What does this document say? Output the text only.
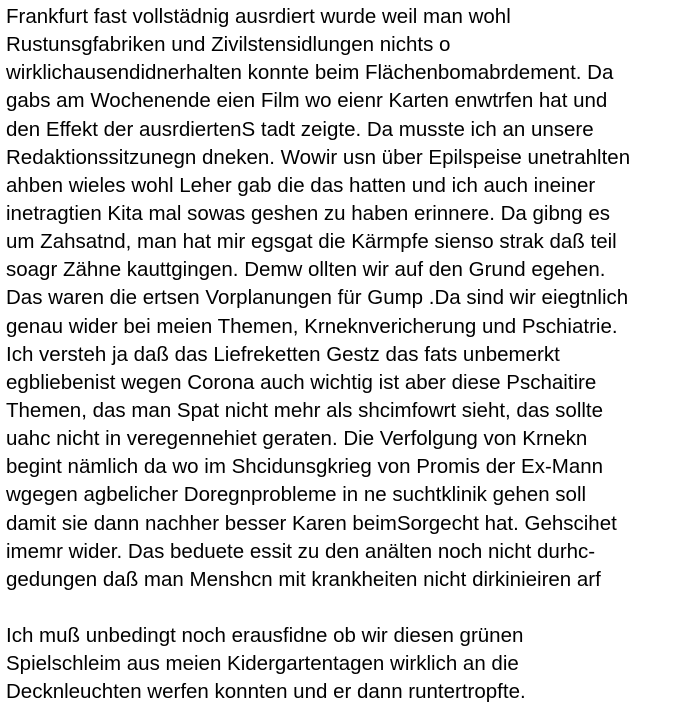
Frankfurt fast vollstädnig ausrdiert wurde weil man wohl
Rustunsgfabriken und Zivilstensidlungen nichts o
wirklichausendidnerhalten konnte beim Flächenbomabrdement. Da
gabs am Wochenende eien Film wo eienr Karten enwtrfen hat und
den Effekt der ausrdiertenS tadt zeigte. Da musste ich an unsere
Redaktionssitzunegn dneken. Wowir usn über Epilspeise unetrahlten
ahben wieles wohl Leher gab die das hatten und ich auch ineiner
inetragtien Kita mal sowas geshen zu haben erinnere. Da gibng es
um Zahsatnd, man hat mir egsgat die Kärmpfe sienso strak daß teil
soagr Zähne kauttgingen. Demw ollten wir auf den Grund egehen.
Das waren die ertsen Vorplanungen für Gump .Da sind wir eiegtnlich
genau wider bei meien Themen, Krneknvericherung und Pschiatrie.
Ich versteh ja daß das Liefreketten Gestz das fats unbemerkt
egbliebenist wegen Corona auch wichtig ist aber diese Pschaitire
Themen, das man Spat nicht mehr als shcimfowrt sieht, das sollte
uahc nicht in veregennehiet geraten. Die Verfolgung von Krnekn
begint nämlich da wo im Shcidunsgkrieg von Promis der Ex-Mann
wgegen agbelicher Doregnprobleme in ne suchtklinik gehen soll
damit sie dann nachher besser Karen beimSorgecht hat. Gehscihet
imemr wider. Das beduete essit zu den anälten noch nicht durhc-
gedungen daß man Menshcn mit krankheiten nicht dirkinieiren arf
Ich muß unbedingt noch erausfidne ob wir diesen grünen
Spielschleim aus meien Kidergartentagen wirklich an die
Decknleuchten werfen konnten und er dann runtertropfte.
